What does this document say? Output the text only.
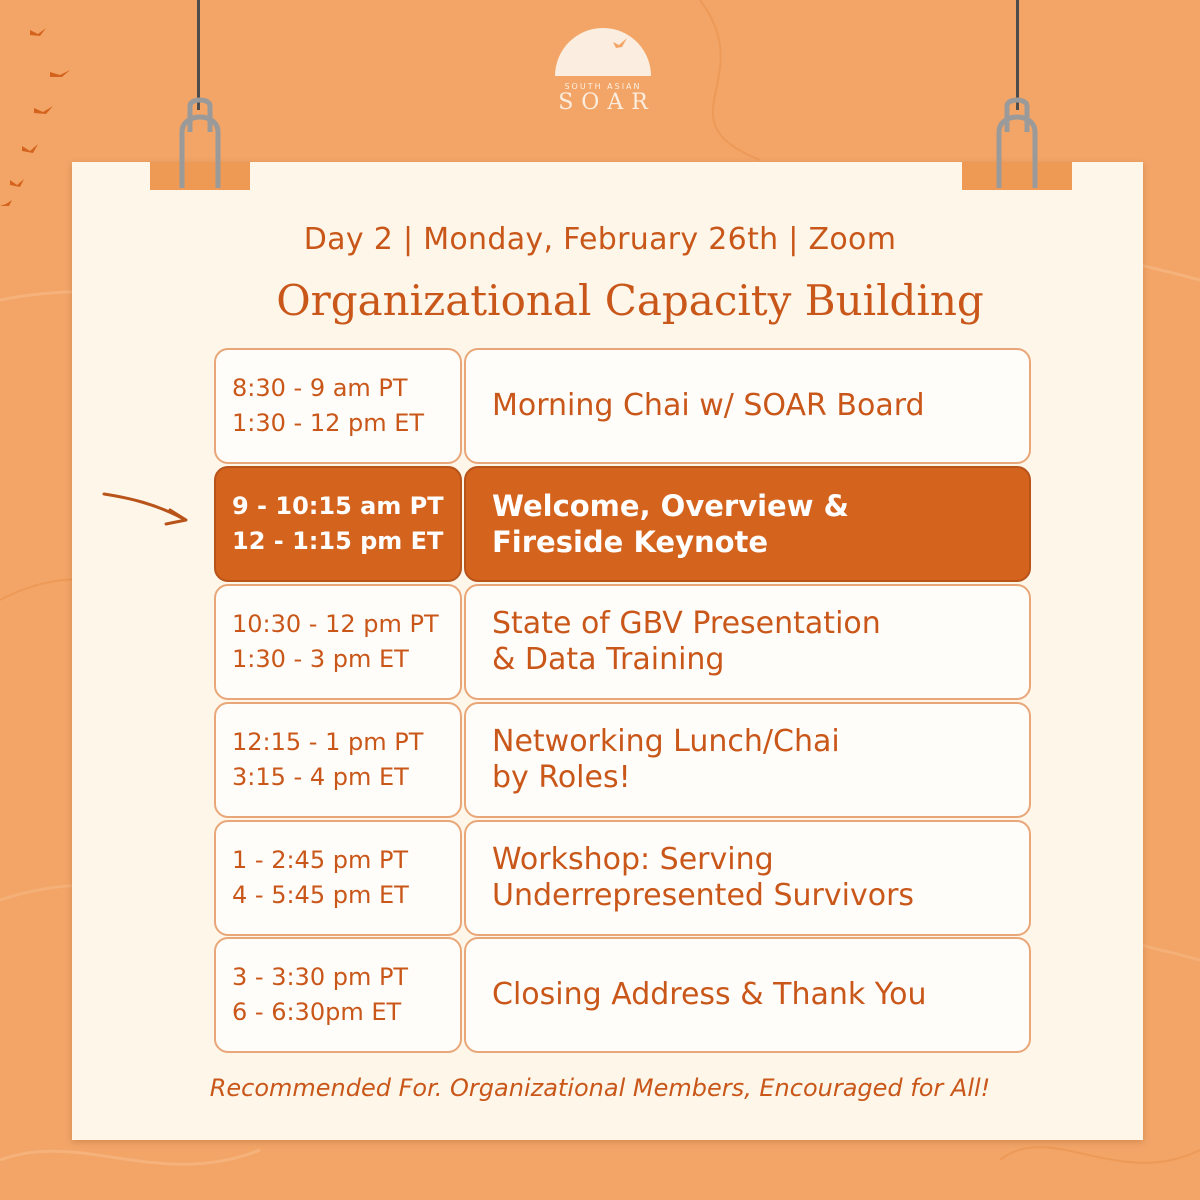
SOUTH ASIAN
SOAR
Day 2 | Monday, February 26th | Zoom
Organizational Capacity Building
8:30 - 9 am PT
1:30 - 12 pm ET	Morning Chai w/ SOAR Board
9 - 10:15 am PT
12 - 1:15 pm ET
Welcome, Overview &
Fireside Keynote
10:30 - 12 pm PT
1:30 - 3 pm ET
State of GBV Presentation
& Data Training
12:15 - 1 pm PT
3:15 - 4 pm ET
Networking Lunch/Chai
by Roles!
1 - 2:45 pm PT
4 - 5:45 pm ET
Workshop: Serving
Underrepresented Survivors
3 - 3:30 pm PT
6 - 6:30pm ET	Closing Address & Thank You
Recommended For. Organizational Members, Encouraged for All!
